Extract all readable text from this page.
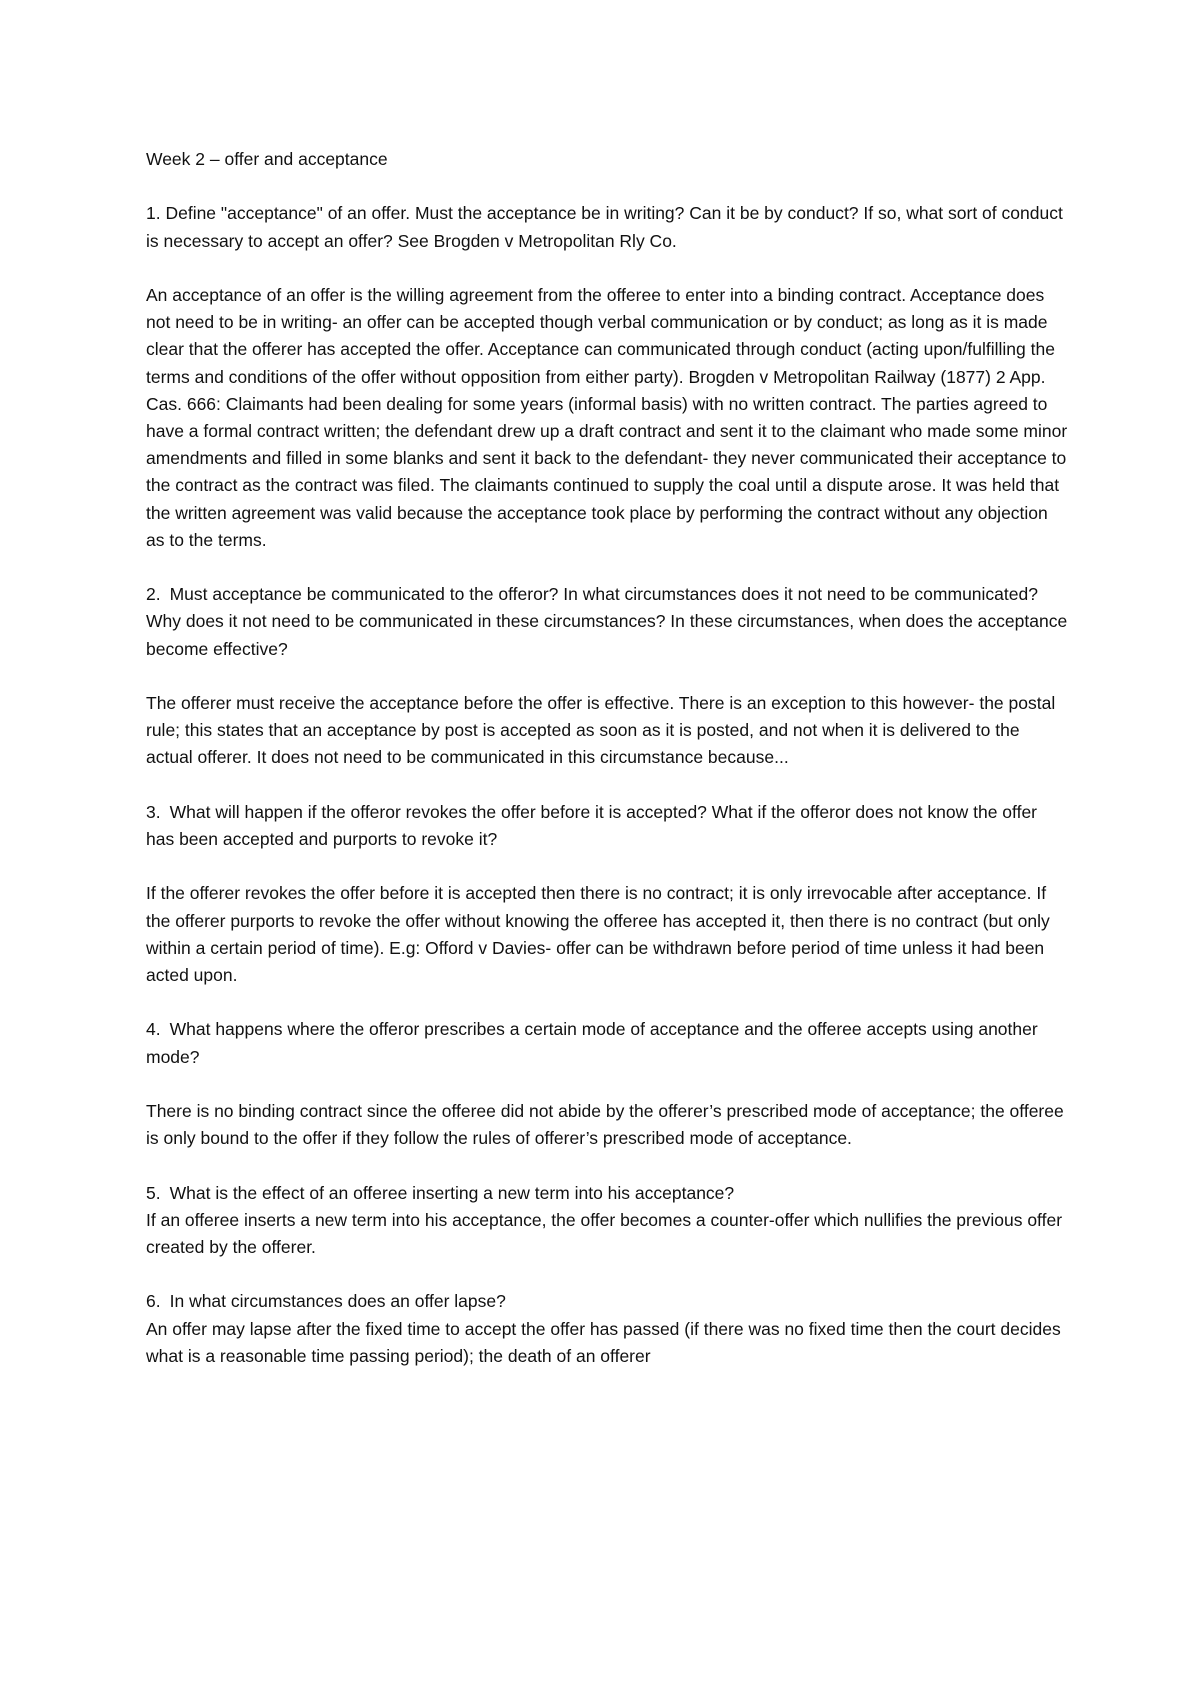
Week 2 – offer and acceptance

1. Define "acceptance" of an offer. Must the acceptance be in writing? Can it be by conduct? If so, what sort of conduct is necessary to accept an offer? See Brogden v Metropolitan Rly Co.

An acceptance of an offer is the willing agreement from the offeree to enter into a binding contract. Acceptance does not need to be in writing- an offer can be accepted though verbal communication or by conduct; as long as it is made clear that the offerer has accepted the offer. Acceptance can communicated through conduct (acting upon/fulfilling the terms and conditions of the offer without opposition from either party). Brogden v Metropolitan Railway (1877) 2 App. Cas. 666: Claimants had been dealing for some years (informal basis) with no written contract. The parties agreed to have a formal contract written; the defendant drew up a draft contract and sent it to the claimant who made some minor amendments and filled in some blanks and sent it back to the defendant- they never communicated their acceptance to the contract as the contract was filed. The claimants continued to supply the coal until a dispute arose. It was held that the written agreement was valid because the acceptance took place by performing the contract without any objection as to the terms.

2. Must acceptance be communicated to the offeror? In what circumstances does it not need to be communicated? Why does it not need to be communicated in these circumstances? In these circumstances, when does the acceptance become effective?

The offerer must receive the acceptance before the offer is effective. There is an exception to this however- the postal rule; this states that an acceptance by post is accepted as soon as it is posted, and not when it is delivered to the actual offerer. It does not need to be communicated in this circumstance because...

3. What will happen if the offeror revokes the offer before it is accepted? What if the offeror does not know the offer has been accepted and purports to revoke it?

If the offerer revokes the offer before it is accepted then there is no contract; it is only irrevocable after acceptance. If the offerer purports to revoke the offer without knowing the offeree has accepted it, then there is no contract (but only within a certain period of time). E.g: Offord v Davies- offer can be withdrawn before period of time unless it had been acted upon.

4. What happens where the offeror prescribes a certain mode of acceptance and the offeree accepts using another mode?

There is no binding contract since the offeree did not abide by the offerer’s prescribed mode of acceptance; the offeree is only bound to the offer if they follow the rules of offerer’s prescribed mode of acceptance.

5. What is the effect of an offeree inserting a new term into his acceptance?

If an offeree inserts a new term into his acceptance, the offer becomes a counter-offer which nullifies the previous offer created by the offerer.

6. In what circumstances does an offer lapse?

An offer may lapse after the fixed time to accept the offer has passed (if there was no fixed time then the court decides what is a reasonable time passing period); the death of an offerer
